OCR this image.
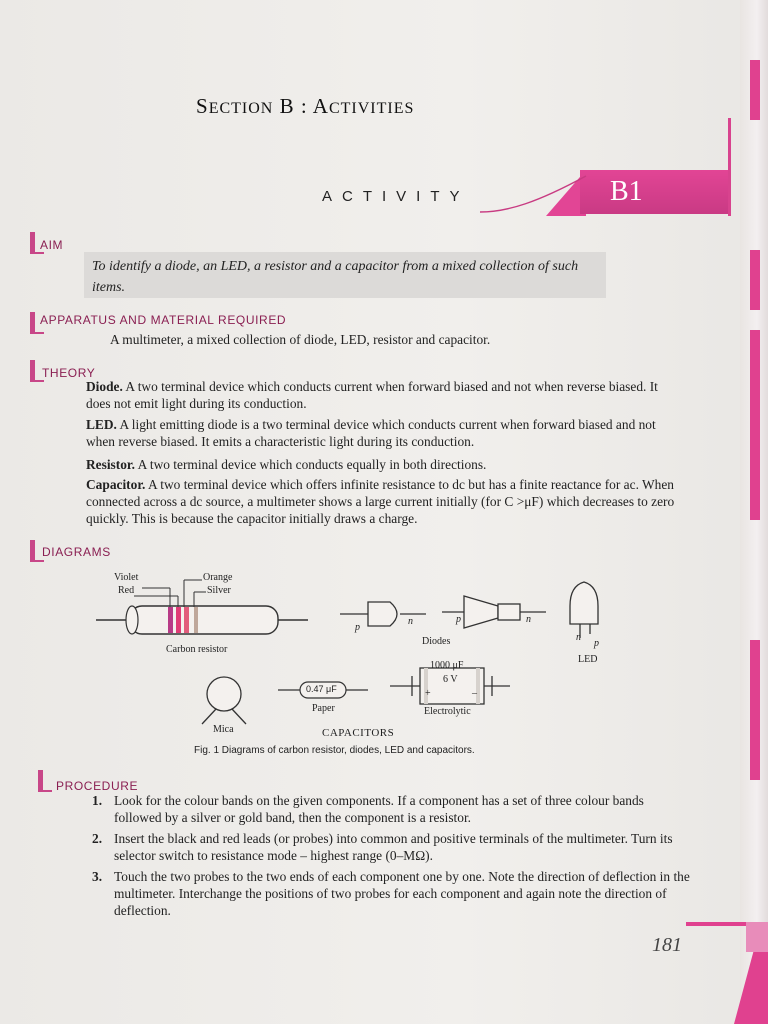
SECTION B : ACTIVITIES
ACTIVITY	B1
AIM
To identify a diode, an LED, a resistor and a capacitor from a mixed collection of such items.
APPARATUS AND MATERIAL REQUIRED
A multimeter, a mixed collection of diode, LED, resistor and capacitor.
THEORY
Diode. A two terminal device which conducts current when forward biased and not when reverse biased. It does not emit light during its conduction.
LED. A light emitting diode is a two terminal device which conducts current when forward biased and not when reverse biased. It emits a characteristic light during its conduction.
Resistor. A two terminal device which conducts equally in both directions.
Capacitor. A two terminal device which offers infinite resistance to dc but has a finite reactance for ac. When connected across a dc source, a multimeter shows a large current initially (for C >μF) which decreases to zero quickly. This is because the capacitor initially draws a charge.
DIAGRAMS
Violet
Red
Orange
Silver
Carbon resistor
p
n	p	n
Diodes	n
p
LED
Mica
0.47 μF
Paper
1000 μF
6 V
+	–
Electrolytic
CAPACITORS
Fig. 1 Diagrams of carbon resistor, diodes, LED and capacitors.
PROCEDURE
1. Look for the colour bands on the given components. If a component has a set of three colour bands followed by a silver or gold band, then the component is a resistor.
2. Insert the black and red leads (or probes) into common and positive terminals of the multimeter. Turn its selector switch to resistance mode – highest range (0–MΩ).
3. Touch the two probes to the two ends of each component one by one. Note the direction of deflection in the multimeter. Interchange the positions of two probes for each component and again note the direction of deflection.
181
